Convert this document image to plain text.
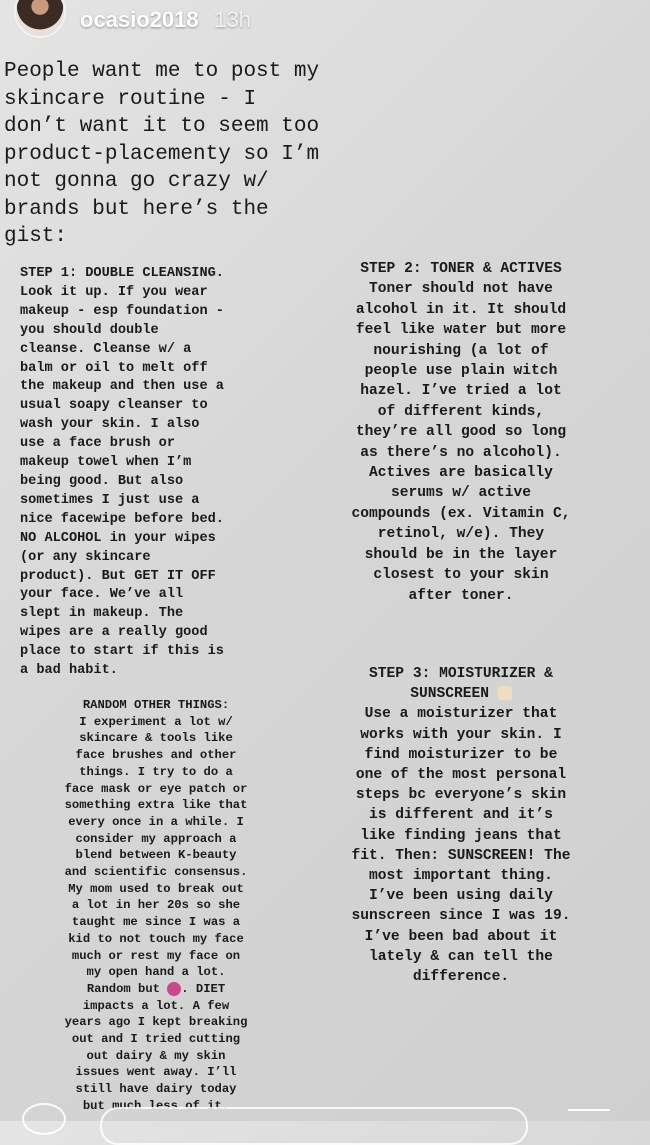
ocasio2018 13h
People want me to post my
skincare routine - I
don’t want it to seem too
product-placementy so I’m
not gonna go crazy w/
brands but here’s the
gist:
STEP 1: DOUBLE CLEANSING.
Look it up. If you wear
makeup - esp foundation -
you should double
cleanse. Cleanse w/ a
balm or oil to melt off
the makeup and then use a
usual soapy cleanser to
wash your skin. I also
use a face brush or
makeup towel when I’m
being good. But also
sometimes I just use a
nice facewipe before bed.
NO ALCOHOL in your wipes
(or any skincare
product). But GET IT OFF
your face. We’ve all
slept in makeup. The
wipes are a really good
place to start if this is
a bad habit.
STEP 2: TONER & ACTIVES
Toner should not have
alcohol in it. It should
feel like water but more
nourishing (a lot of
people use plain witch
hazel. I’ve tried a lot
of different kinds,
they’re all good so long
as there’s no alcohol).
Actives are basically
serums w/ active
compounds (ex. Vitamin C,
retinol, w/e). They
should be in the layer
closest to your skin
after toner.
RANDOM OTHER THINGS:
I experiment a lot w/
skincare & tools like
face brushes and other
things. I try to do a
face mask or eye patch or
something extra like that
every once in a while. I
consider my approach a
blend between K-beauty
and scientific consensus.
My mom used to break out
a lot in her 20s so she
taught me since I was a
kid to not touch my face
much or rest my face on
my open hand a lot.
Random but . DIET
impacts a lot. A few
years ago I kept breaking
out and I tried cutting
out dairy & my skin
issues went away. I’ll
still have dairy today
but much less of it.
STEP 3: MOISTURIZER &
SUNSCREEN
Use a moisturizer that
works with your skin. I
find moisturizer to be
one of the most personal
steps bc everyone’s skin
is different and it’s
like finding jeans that
fit. Then: SUNSCREEN! The
most important thing.
I’ve been using daily
sunscreen since I was 19.
I’ve been bad about it
lately & can tell the
difference.
